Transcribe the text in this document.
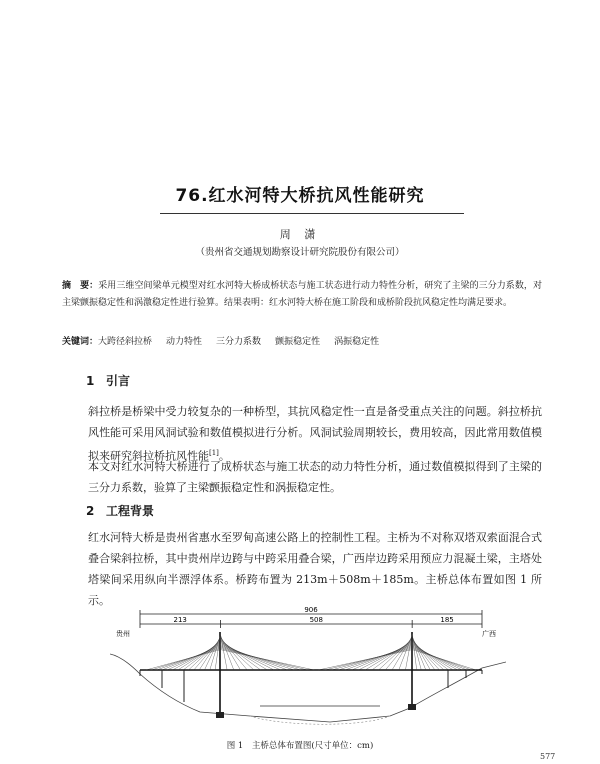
76.红水河特大桥抗风性能研究
周 潇
（贵州省交通规划勘察设计研究院股份有限公司）
摘　要：采用三维空间梁单元模型对红水河特大桥成桥状态与施工状态进行动力特性分析，研究了主梁的三分力系数，对主梁颤振稳定性和涡激稳定性进行验算。结果表明：红水河特大桥在施工阶段和成桥阶段抗风稳定性均满足要求。
关键词：大跨径斜拉桥 动力特性 三分力系数 颤振稳定性 涡振稳定性
1 引言
斜拉桥是桥梁中受力较复杂的一种桥型，其抗风稳定性一直是备受重点关注的问题。斜拉桥抗风性能可采用风洞试验和数值模拟进行分析。风洞试验周期较长，费用较高，因此常用数值模拟来研究斜拉桥抗风性能[1]。
本文对红水河特大桥进行了成桥状态与施工状态的动力特性分析，通过数值模拟得到了主梁的三分力系数，验算了主梁颤振稳定性和涡振稳定性。
2 工程背景
红水河特大桥是贵州省惠水至罗甸高速公路上的控制性工程。主桥为不对称双塔双索面混合式叠合梁斜拉桥，其中贵州岸边跨与中跨采用叠合梁，广西岸边跨采用预应力混凝土梁，主塔处塔梁间采用纵向半漂浮体系。桥跨布置为 213m＋508m＋185m。主桥总体布置如图 1 所示。
906
213	508	185
贵州	广西
图 1　主桥总体布置图(尺寸单位：cm)
577
